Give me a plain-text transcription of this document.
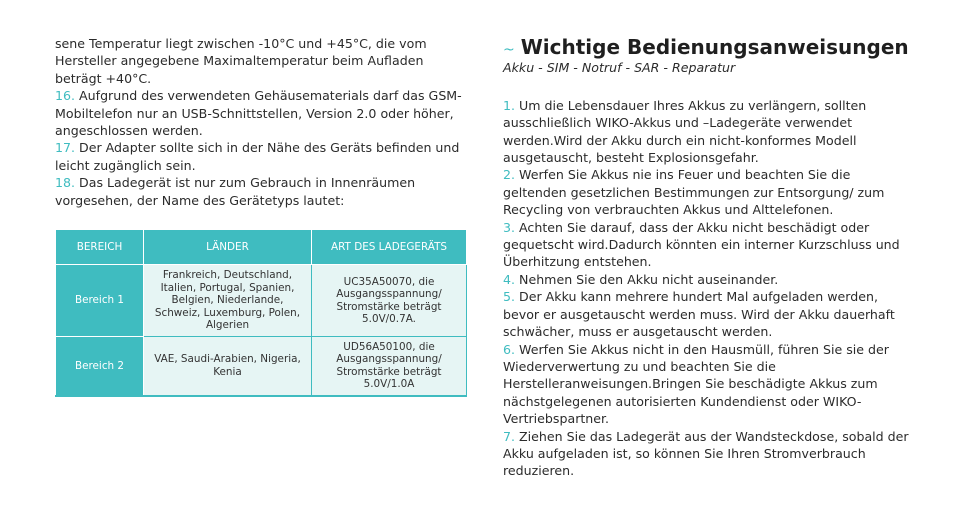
sene Temperatur liegt zwischen -10°C und +45°C, die vom Hersteller angegebene Maximaltemperatur beim Aufladen beträgt +40°C.

16. Aufgrund des verwendeten Gehäusematerials darf das GSM-Mobiltelefon nur an USB-Schnittstellen, Version 2.0 oder höher, angeschlossen werden.

17. Der Adapter sollte sich in der Nähe des Geräts befinden und leicht zugänglich sein.

18. Das Ladegerät ist nur zum Gebrauch in Innenräumen vorgesehen, der Name des Gerätetyps lautet:

BEREICH	LÄNDER	ART DES LADEGERÄTS
Bereich 1	Frankreich, Deutschland, Italien, Portugal, Spanien, Belgien, Niederlande, Schweiz, Luxemburg, Polen, Algerien	UC35A50070, die Ausgangsspannung/ Stromstärke beträgt 5.0V/0.7A.
Bereich 2	VAE, Saudi-Arabien, Nigeria, Kenia	UD56A50100, die Ausgangsspannung/ Stromstärke beträgt 5.0V/1.0A
~ Wichtige Bedienungsanweisungen

Akku - SIM - Notruf - SAR - Reparatur

1. Um die Lebensdauer Ihres Akkus zu verlängern, sollten ausschließlich WIKO-Akkus und –Ladegeräte verwendet werden.Wird der Akku durch ein nicht-konformes Modell ausgetauscht, besteht Explosionsgefahr.

2. Werfen Sie Akkus nie ins Feuer und beachten Sie die geltenden gesetzlichen Bestimmungen zur Entsorgung/ zum Recycling von verbrauchten Akkus und Alttelefonen.

3. Achten Sie darauf, dass der Akku nicht beschädigt oder gequetscht wird.Dadurch könnten ein interner Kurzschluss und Überhitzung entstehen.

4. Nehmen Sie den Akku nicht auseinander.

5. Der Akku kann mehrere hundert Mal aufgeladen werden, bevor er ausgetauscht werden muss. Wird der Akku dauerhaft schwächer, muss er ausgetauscht werden.

6. Werfen Sie Akkus nicht in den Hausmüll, führen Sie sie der Wiederverwertung zu und beachten Sie die Herstelleranweisungen.Bringen Sie beschädigte Akkus zum nächstgelegenen autorisierten Kundendienst oder WIKO-Vertriebspartner.

7. Ziehen Sie das Ladegerät aus der Wandsteckdose, sobald der Akku aufgeladen ist, so können Sie Ihren Stromverbrauch reduzieren.
